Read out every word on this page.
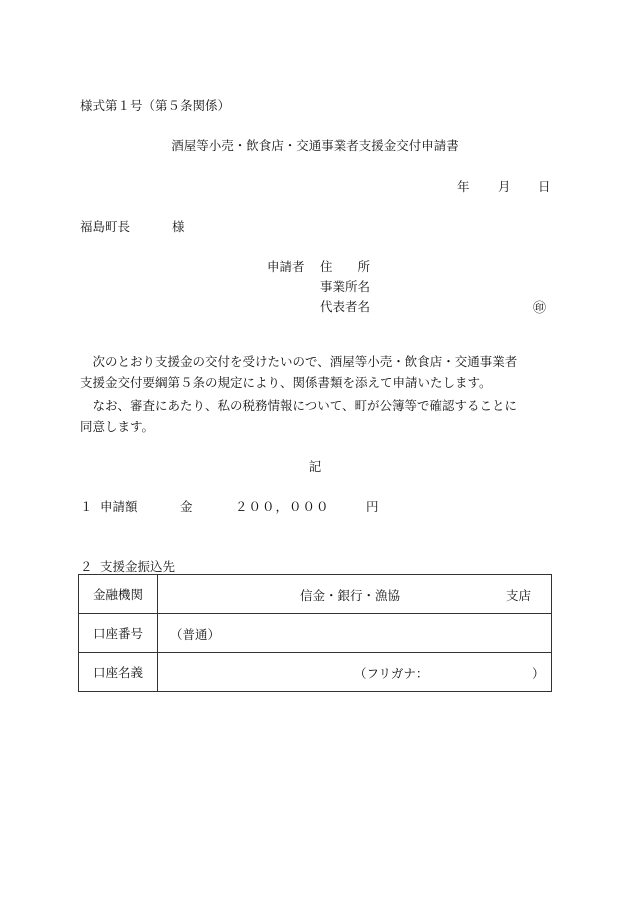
様式第１号（第５条関係）
酒屋等小売・飲食店・交通事業者支援金交付申請書
年 月 日
福島町長	様
申請者 住　　所
事業所名
代表者名	㊞
　次のとおり支援金の交付を受けたいので、酒屋等小売・飲食店・交通事業者
支援金交付要綱第５条の規定により、関係書類を添えて申請いたします。
　なお、審査にあたり、私の税務情報について、町が公簿等で確認することに
同意します。
記
１ 申請額	金	２００，０００	円
２ 支援金振込先
金融機関	信金・銀行・漁協 支店

口座番号	（普通）

口座名義	（フリガナ： ）
